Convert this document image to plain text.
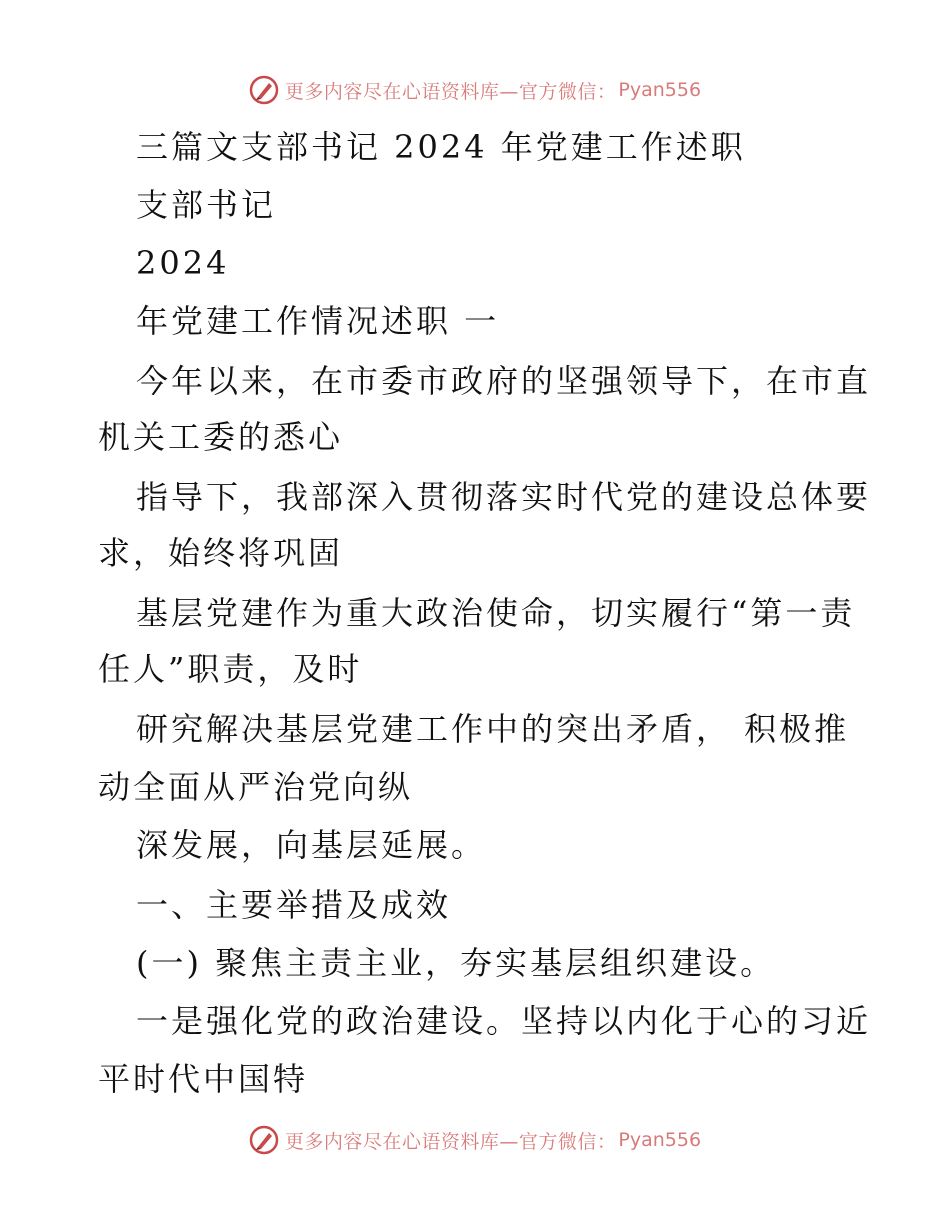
更多内容尽在心语资料库—官方微信： Pyan556
三篇文支部书记 2024 年党建工作述职
支部书记
2024
年党建工作情况述职 一
今年以来，在市委市政府的坚强领导下，在市直
机关工委的悉心
指导下，我部深入贯彻落实时代党的建设总体要
求，始终将巩固
基层党建作为重大政治使命，切实履行“第一责
任人”职责，及时
研究解决基层党建工作中的突出矛盾， 积极推
动全面从严治党向纵
深发展，向基层延展。
一、主要举措及成效
(一) 聚焦主责主业，夯实基层组织建设。
一是强化党的政治建设。坚持以内化于心的习近
平时代中国特
更多内容尽在心语资料库—官方微信： Pyan556
